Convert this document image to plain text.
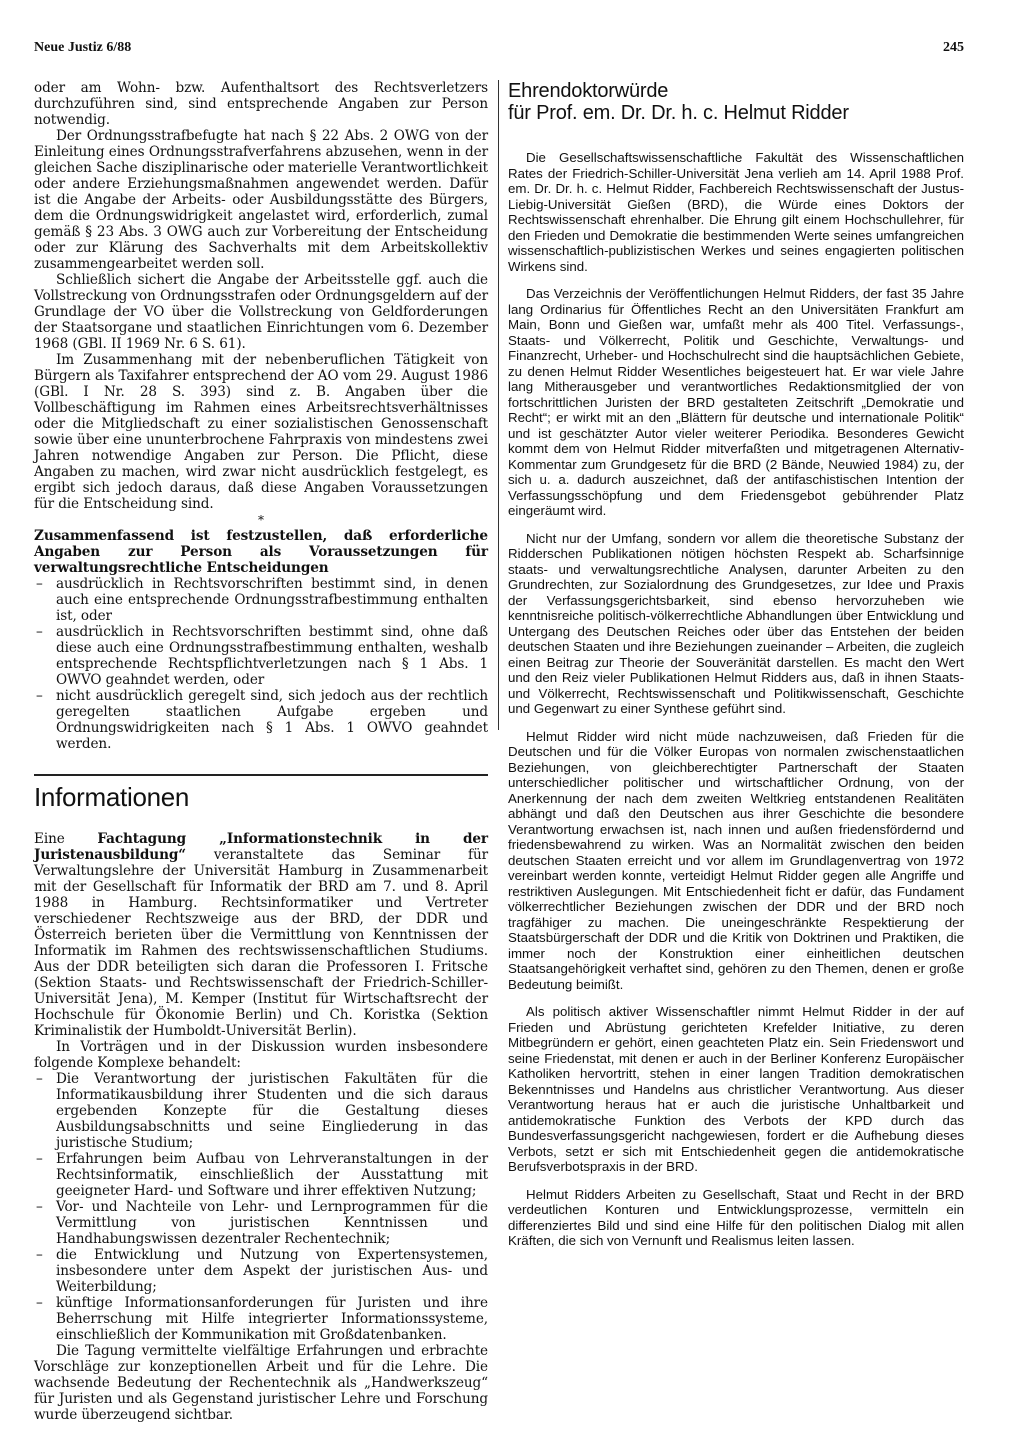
Neue Justiz 6/88	245

oder am Wohn- bzw. Aufenthaltsort des Rechtsverletzers durchzuführen sind, sind entsprechende Angaben zur Person notwendig.

Der Ordnungsstrafbefugte hat nach § 22 Abs. 2 OWG von der Einleitung eines Ordnungsstrafverfahrens abzusehen, wenn in der gleichen Sache disziplinarische oder materielle Verantwortlichkeit oder andere Erziehungsmaßnahmen angewendet werden. Dafür ist die Angabe der Arbeits- oder Ausbildungsstätte des Bürgers, dem die Ordnungswidrigkeit angelastet wird, erforderlich, zumal gemäß § 23 Abs. 3 OWG auch zur Vorbereitung der Entscheidung oder zur Klärung des Sachverhalts mit dem Arbeitskollektiv zusammengearbeitet werden soll.

Schließlich sichert die Angabe der Arbeitsstelle ggf. auch die Vollstreckung von Ordnungsstrafen oder Ordnungsgeldern auf der Grundlage der VO über die Vollstreckung von Geldforderungen der Staatsorgane und staatlichen Einrichtungen vom 6. Dezember 1968 (GBl. II 1969 Nr. 6 S. 61).

Im Zusammenhang mit der nebenberuflichen Tätigkeit von Bürgern als Taxifahrer entsprechend der AO vom 29. August 1986 (GBl. I Nr. 28 S. 393) sind z. B. Angaben über die Vollbeschäftigung im Rahmen eines Arbeitsrechtsverhältnisses oder die Mitgliedschaft zu einer sozialistischen Genossenschaft sowie über eine ununterbrochene Fahrpraxis von mindestens zwei Jahren notwendige Angaben zur Person. Die Pflicht, diese Angaben zu machen, wird zwar nicht ausdrücklich festgelegt, es ergibt sich jedoch daraus, daß diese Angaben Voraussetzungen für die Entscheidung sind.

*

Zusammenfassend ist festzustellen, daß erforderliche Angaben zur Person als Voraussetzungen für verwaltungsrechtliche Entscheidungen

– ausdrücklich in Rechtsvorschriften bestimmt sind, in denen auch eine entsprechende Ordnungsstrafbestimmung enthalten ist, oder
– ausdrücklich in Rechtsvorschriften bestimmt sind, ohne daß diese auch eine Ordnungsstrafbestimmung enthalten, weshalb entsprechende Rechtspflichtverletzungen nach § 1 Abs. 1 OWVO geahndet werden, oder
– nicht ausdrücklich geregelt sind, sich jedoch aus der rechtlich geregelten staatlichen Aufgabe ergeben und Ordnungswidrigkeiten nach § 1 Abs. 1 OWVO geahndet werden.
Informationen

Eine Fachtagung „Informationstechnik in der Juristenausbildung“ veranstaltete das Seminar für Verwaltungslehre der Universität Hamburg in Zusammenarbeit mit der Gesellschaft für Informatik der BRD am 7. und 8. April 1988 in Hamburg. Rechtsinformatiker und Vertreter verschiedener Rechtszweige aus der BRD, der DDR und Österreich berieten über die Vermittlung von Kenntnissen der Informatik im Rahmen des rechtswissenschaftlichen Studiums. Aus der DDR beteiligten sich daran die Professoren I. Fritsche (Sektion Staats- und Rechtswissenschaft der Friedrich-Schiller-Universität Jena), M. Kemper (Institut für Wirtschaftsrecht der Hochschule für Ökonomie Berlin) und Ch. Koristka (Sektion Kriminalistik der Humboldt-Universität Berlin).

In Vorträgen und in der Diskussion wurden insbesondere folgende Komplexe behandelt:

– Die Verantwortung der juristischen Fakultäten für die Informatikausbildung ihrer Studenten und die sich daraus ergebenden Konzepte für die Gestaltung dieses Ausbildungsabschnitts und seine Eingliederung in das juristische Studium;
– Erfahrungen beim Aufbau von Lehrveranstaltungen in der Rechtsinformatik, einschließlich der Ausstattung mit geeigneter Hard- und Software und ihrer effektiven Nutzung;
– Vor- und Nachteile von Lehr- und Lernprogrammen für die Vermittlung von juristischen Kenntnissen und Handhabungswissen dezentraler Rechentechnik;
– die Entwicklung und Nutzung von Expertensystemen, insbesondere unter dem Aspekt der juristischen Aus- und Weiterbildung;
– künftige Informationsanforderungen für Juristen und ihre Beherrschung mit Hilfe integrierter Informationssysteme, einschließlich der Kommunikation mit Großdatenbanken.

Die Tagung vermittelte vielfältige Erfahrungen und erbrachte Vorschläge zur konzeptionellen Arbeit und für die Lehre. Die wachsende Bedeutung der Rechentechnik als „Handwerkszeug“ für Juristen und als Gegenstand juristischer Lehre und Forschung wurde überzeugend sichtbar.

Ehrendoktorwürde
für Prof. em. Dr. Dr. h. c. Helmut Ridder

Die Gesellschaftswissenschaftliche Fakultät des Wissenschaftlichen Rates der Friedrich-Schiller-Universität Jena verlieh am 14. April 1988 Prof. em. Dr. Dr. h. c. Helmut Ridder, Fachbereich Rechtswissenschaft der Justus-Liebig-Universität Gießen (BRD), die Würde eines Doktors der Rechtswissenschaft ehrenhalber. Die Ehrung gilt einem Hochschullehrer, für den Frieden und Demokratie die bestimmenden Werte seines umfangreichen wissenschaftlich-publizistischen Werkes und seines engagierten politischen Wirkens sind.

Das Verzeichnis der Veröffentlichungen Helmut Ridders, der fast 35 Jahre lang Ordinarius für Öffentliches Recht an den Universitäten Frankfurt am Main, Bonn und Gießen war, umfaßt mehr als 400 Titel. Verfassungs-, Staats- und Völkerrecht, Politik und Geschichte, Verwaltungs- und Finanzrecht, Urheber- und Hochschulrecht sind die hauptsächlichen Gebiete, zu denen Helmut Ridder Wesentliches beigesteuert hat. Er war viele Jahre lang Mitherausgeber und verantwortliches Redaktionsmitglied der von fortschrittlichen Juristen der BRD gestalteten Zeitschrift „Demokratie und Recht“; er wirkt mit an den „Blättern für deutsche und internationale Politik“ und ist geschätzter Autor vieler weiterer Periodika. Besonderes Gewicht kommt dem von Helmut Ridder mitverfaßten und mitgetragenen Alternativ-Kommentar zum Grundgesetz für die BRD (2 Bände, Neuwied 1984) zu, der sich u. a. dadurch auszeichnet, daß der antifaschistischen Intention der Verfassungsschöpfung und dem Friedensgebot gebührender Platz eingeräumt wird.

Nicht nur der Umfang, sondern vor allem die theoretische Substanz der Ridderschen Publikationen nötigen höchsten Respekt ab. Scharfsinnige staats- und verwaltungsrechtliche Analysen, darunter Arbeiten zu den Grundrechten, zur Sozialordnung des Grundgesetzes, zur Idee und Praxis der Verfassungsgerichtsbarkeit, sind ebenso hervorzuheben wie kenntnisreiche politisch-völkerrechtliche Abhandlungen über Entwicklung und Untergang des Deutschen Reiches oder über das Entstehen der beiden deutschen Staaten und ihre Beziehungen zueinander – Arbeiten, die zugleich einen Beitrag zur Theorie der Souveränität darstellen. Es macht den Wert und den Reiz vieler Publikationen Helmut Ridders aus, daß in ihnen Staats- und Völkerrecht, Rechtswissenschaft und Politikwissenschaft, Geschichte und Gegenwart zu einer Synthese geführt sind.

Helmut Ridder wird nicht müde nachzuweisen, daß Frieden für die Deutschen und für die Völker Europas von normalen zwischenstaatlichen Beziehungen, von gleichberechtigter Partnerschaft der Staaten unterschiedlicher politischer und wirtschaftlicher Ordnung, von der Anerkennung der nach dem zweiten Weltkrieg entstandenen Realitäten abhängt und daß den Deutschen aus ihrer Geschichte die besondere Verantwortung erwachsen ist, nach innen und außen friedensfördernd und friedensbewahrend zu wirken. Was an Normalität zwischen den beiden deutschen Staaten erreicht und vor allem im Grundlagenvertrag von 1972 vereinbart werden konnte, verteidigt Helmut Ridder gegen alle Angriffe und restriktiven Auslegungen. Mit Entschiedenheit ficht er dafür, das Fundament völkerrechtlicher Beziehungen zwischen der DDR und der BRD noch tragfähiger zu machen. Die uneingeschränkte Respektierung der Staatsbürgerschaft der DDR und die Kritik von Doktrinen und Praktiken, die immer noch der Konstruktion einer einheitlichen deutschen Staatsangehörigkeit verhaftet sind, gehören zu den Themen, denen er große Bedeutung beimißt.

Als politisch aktiver Wissenschaftler nimmt Helmut Ridder in der auf Frieden und Abrüstung gerichteten Krefelder Initiative, zu deren Mitbegründern er gehört, einen geachteten Platz ein. Sein Friedenswort und seine Friedenstat, mit denen er auch in der Berliner Konferenz Europäischer Katholiken hervortritt, stehen in einer langen Tradition demokratischen Bekenntnisses und Handelns aus christlicher Verantwortung. Aus dieser Verantwortung heraus hat er auch die juristische Unhaltbarkeit und antidemokratische Funktion des Verbots der KPD durch das Bundesverfassungsgericht nachgewiesen, fordert er die Aufhebung dieses Verbots, setzt er sich mit Entschiedenheit gegen die antidemokratische Berufsverbotspraxis in der BRD.

Helmut Ridders Arbeiten zu Gesellschaft, Staat und Recht in der BRD verdeutlichen Konturen und Entwicklungsprozesse, vermitteln ein differenziertes Bild und sind eine Hilfe für den politischen Dialog mit allen Kräften, die sich von Vernunft und Realismus leiten lassen.
